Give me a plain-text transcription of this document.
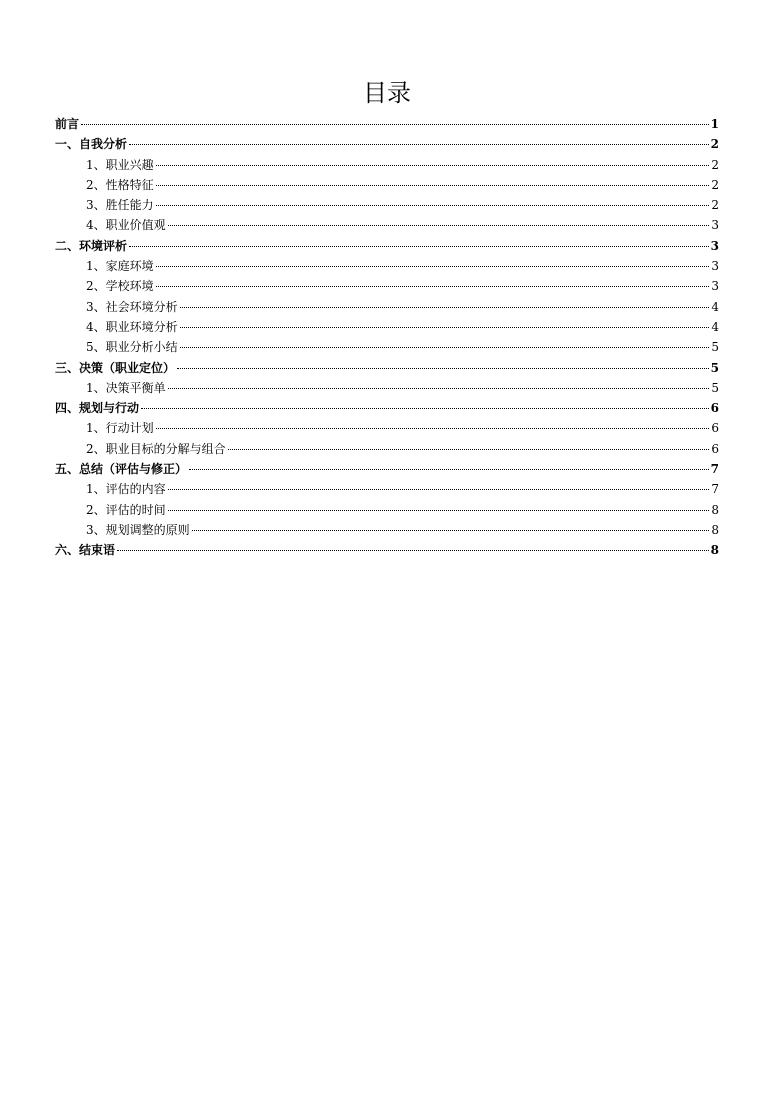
目录
前言	1
一、自我分析	2
1、职业兴趣	2
2、性格特征	2
3、胜任能力	2
4、职业价值观	3
二、环境评析	3
1、家庭环境	3
2、学校环境	3
3、社会环境分析	4
4、职业环境分析	4
5、职业分析小结	5
三、决策（职业定位）	5
1、决策平衡单	5
四、规划与行动	6
1、行动计划	6
2、职业目标的分解与组合	6
五、总结（评估与修正）	7
1、评估的内容	7
2、评估的时间	8
3、规划调整的原则	8
六、结束语	8
